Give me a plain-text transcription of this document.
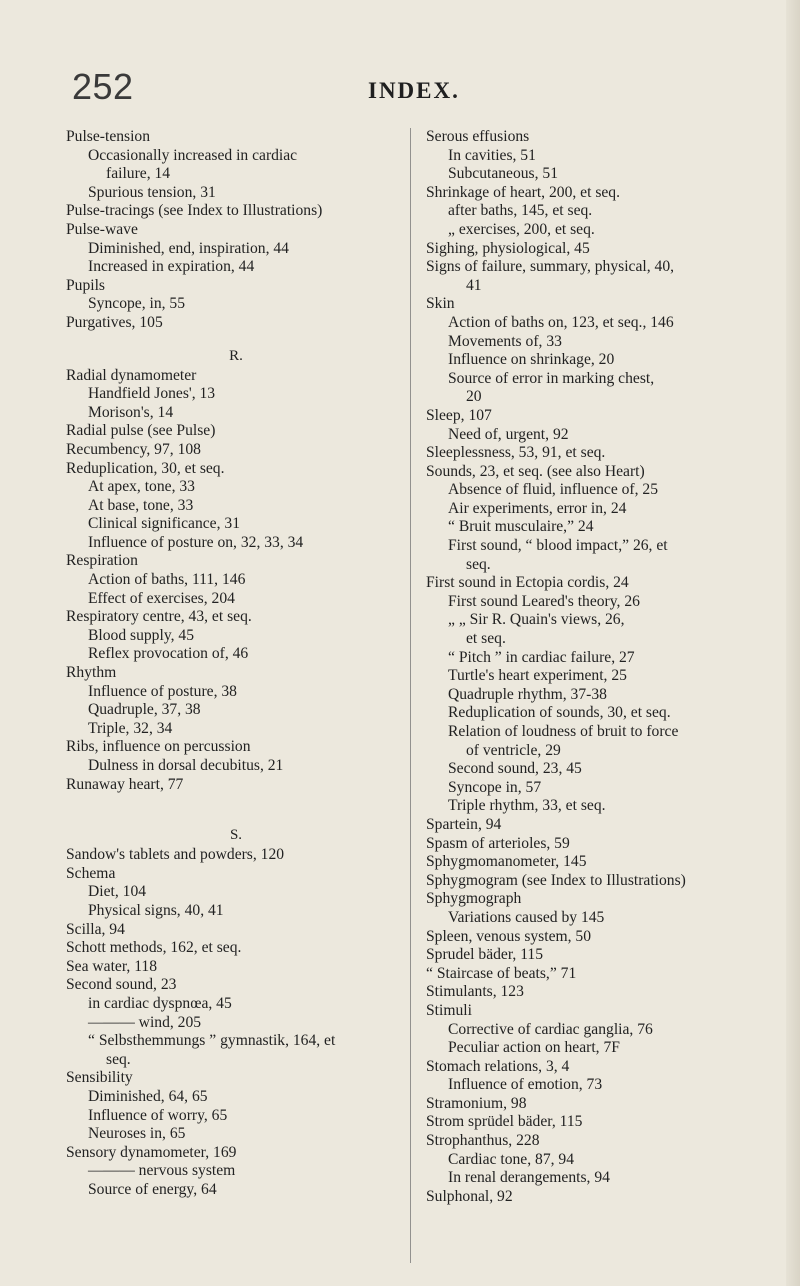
252	INDEX.
Pulse-tension
Occasionally increased in cardiac
failure, 14
Spurious tension, 31
Pulse-tracings (see Index to Illustrations)
Pulse-wave
Diminished, end, inspiration, 44
Increased in expiration, 44
Pupils
Syncope, in, 55
Purgatives, 105
R.
Radial dynamometer
Handfield Jones', 13
Morison's, 14
Radial pulse (see Pulse)
Recumbency, 97, 108
Reduplication, 30, et seq.
At apex, tone, 33
At base, tone, 33
Clinical significance, 31
Influence of posture on, 32, 33, 34
Respiration
Action of baths, 111, 146
Effect of exercises, 204
Respiratory centre, 43, et seq.
Blood supply, 45
Reflex provocation of, 46
Rhythm
Influence of posture, 38
Quadruple, 37, 38
Triple, 32, 34
Ribs, influence on percussion
Dulness in dorsal decubitus, 21
Runaway heart, 77
S.
Sandow's tablets and powders, 120
Schema
Diet, 104
Physical signs, 40, 41
Scilla, 94
Schott methods, 162, et seq.
Sea water, 118
Second sound, 23
in cardiac dyspnœa, 45
——— wind, 205
“ Selbsthemmungs ” gymnastik, 164, et
seq.
Sensibility
Diminished, 64, 65
Influence of worry, 65
Neuroses in, 65
Sensory dynamometer, 169
——— nervous system
Source of energy, 64
Serous effusions
In cavities, 51
Subcutaneous, 51
Shrinkage of heart, 200, et seq.
after baths, 145, et seq.
„ exercises, 200, et seq.
Sighing, physiological, 45
Signs of failure, summary, physical, 40,
41
Skin
Action of baths on, 123, et seq., 146
Movements of, 33
Influence on shrinkage, 20
Source of error in marking chest,
20
Sleep, 107
Need of, urgent, 92
Sleeplessness, 53, 91, et seq.
Sounds, 23, et seq. (see also Heart)
Absence of fluid, influence of, 25
Air experiments, error in, 24
“ Bruit musculaire,” 24
First sound, “ blood impact,” 26, et
seq.
First sound in Ectopia cordis, 24
First sound Leared's theory, 26
„ „ Sir R. Quain's views, 26,
et seq.
“ Pitch ” in cardiac failure, 27
Turtle's heart experiment, 25
Quadruple rhythm, 37-38
Reduplication of sounds, 30, et seq.
Relation of loudness of bruit to force
of ventricle, 29
Second sound, 23, 45
Syncope in, 57
Triple rhythm, 33, et seq.
Spartein, 94
Spasm of arterioles, 59
Sphygmomanometer, 145
Sphygmogram (see Index to Illustrations)
Sphygmograph
Variations caused by 145
Spleen, venous system, 50
Sprudel bäder, 115
“ Staircase of beats,” 71
Stimulants, 123
Stimuli
Corrective of cardiac ganglia, 76
Peculiar action on heart, 7F
Stomach relations, 3, 4
Influence of emotion, 73
Stramonium, 98
Strom sprüdel bäder, 115
Strophanthus, 228
Cardiac tone, 87, 94
In renal derangements, 94
Sulphonal, 92
